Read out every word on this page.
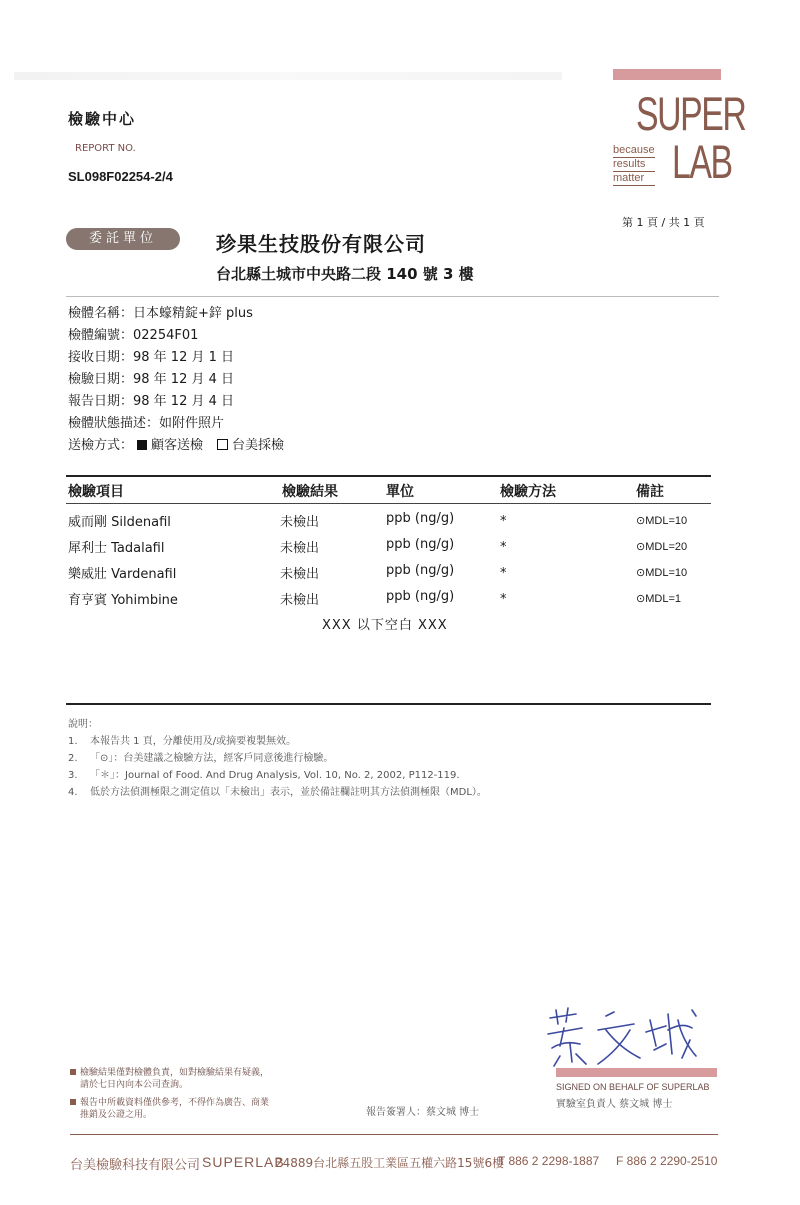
檢驗中心
REPORT NO.
SL098F02254-2/4
SUPER
LAB
because
results
matter
第 1 頁 / 共 1 頁
委託單位	珍果生技股份有限公司
台北縣土城市中央路二段 140 號 3 樓
檢體名稱：日本蠔精錠+鋅 plus
檢體編號：02254F01
接收日期：98 年 12 月 1 日
檢驗日期：98 年 12 月 4 日
報告日期：98 年 12 月 4 日
檢體狀態描述：如附件照片
送檢方式： 顧客送檢 台美採檢
檢驗項目	檢驗結果	單位	檢驗方法	備註
威而剛 Sildenafil	未檢出	ppb (ng/g)	*	⊙MDL=10
犀利士 Tadalafil	未檢出	ppb (ng/g)	*	⊙MDL=20
樂威壯 Vardenafil	未檢出	ppb (ng/g)	*	⊙MDL=10
育亨賓 Yohimbine	未檢出	ppb (ng/g)	*	⊙MDL=1
XXX 以下空白 XXX
說明：
1. 本報告共 1 頁，分離使用及/或摘要複製無效。
2. 「⊙」：台美建議之檢驗方法，經客戶同意後進行檢驗。
3. 「＊」：Journal of Food. And Drug Analysis, Vol. 10, No. 2, 2002, P112-119.
4. 低於方法偵測極限之測定值以「未檢出」表示，並於備註欄註明其方法偵測極限（MDL）。
SIGNED ON BEHALF OF SUPERLAB
實驗室負責人 蔡文城 博士
檢驗結果僅對檢體負責，如對檢驗結果有疑義，
請於七日內向本公司查詢。
報告中所載資料僅供參考，不得作為廣告、商業
推銷及公證之用。	報告簽署人：蔡文城 博士
台美檢驗科技有限公司 SUPERLAB
24889台北縣五股工業區五權六路15號6樓
T 886 2 2298-1887 F 886 2 2290-2510
